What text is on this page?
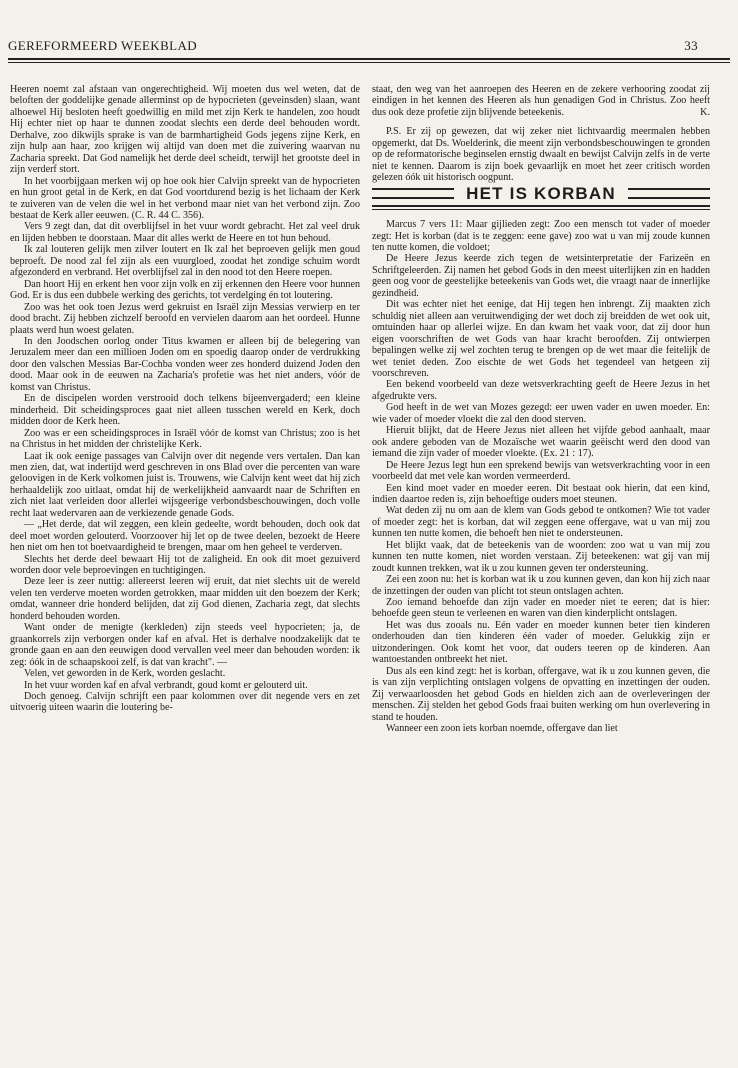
GEREFORMEERD WEEKBLAD	33

Heeren noemt zal afstaan van ongerechtigheid. Wij moeten dus wel weten, dat de beloften der goddelijke genade allerminst op de hypocrieten (geveinsden) slaan, want alhoewel Hij besloten heeft goedwillig en mild met zijn Kerk te handelen, zoo houdt Hij echter niet op haar te dunnen zoodat slechts een derde deel behouden wordt. Derhalve, zoo dikwijls sprake is van de barmhartigheid Gods jegens zijne Kerk, en zijn hulp aan haar, zoo krijgen wij altijd van doen met die zuivering waarvan nu Zacharia spreekt. Dat God namelijk het derde deel scheidt, terwijl het grootste deel in zijn verderf stort.

In het voorbijgaan merken wij op hoe ook hier Calvijn spreekt van de hypocrieten en hun groot getal in de Kerk, en dat God voortdurend bezig is het lichaam der Kerk te zuiveren van de velen die wel in het verbond maar niet van het verbond zijn. Zoo bestaat de Kerk aller eeuwen. (C. R. 44 C. 356).

Vers 9 zegt dan, dat dit overblijfsel in het vuur wordt gebracht. Het zal veel druk en lijden hebben te doorstaan. Maar dit alles werkt de Heere en tot hun behoud.

Ik zal louteren gelijk men zilver loutert en Ik zal het beproeven gelijk men goud beproeft. De nood zal fel zijn als een vuurgloed, zoodat het zondige schuim wordt afgezonderd en verbrand. Het overblijfsel zal in den nood tot den Heere roepen.

Dan hoort Hij en erkent hen voor zijn volk en zij erkennen den Heere voor hunnen God. Er is dus een dubbele werking des gerichts, tot verdelging én tot loutering.

Zoo was het ook toen Jezus werd gekruist en Israël zijn Messias verwierp en ter dood bracht. Zij hebben zichzelf beroofd en vervielen daarom aan het oordeel. Hunne plaats werd hun woest gelaten.

In den Joodschen oorlog onder Titus kwamen er alleen bij de belegering van Jeruzalem meer dan een millioen Joden om en spoedig daarop onder de verdrukking door den valschen Messias Bar-Cochba vonden weer zes honderd duizend Joden den dood. Maar ook in de eeuwen na Zacharia's profetie was het niet anders, vóór de komst van Christus.

En de discipelen worden verstrooid doch telkens bijeenvergaderd; een kleine minderheid. Dit scheidingsproces gaat niet alleen tusschen wereld en Kerk, doch midden door de Kerk heen.

Zoo was er een scheidingsproces in Israël vóór de komst van Christus; zoo is het na Christus in het midden der christelijke Kerk.

Laat ik ook eenige passages van Calvijn over dit negende vers vertalen. Dan kan men zien, dat, wat indertijd werd geschreven in ons Blad over die percenten van ware geloovigen in de Kerk volkomen juist is. Trouwens, wie Calvijn kent weet dat hij zich herhaaldelijk zoo uitlaat, omdat hij de werkelijkheid aanvaardt naar de Schriften en zich niet laat verleiden door allerlei wijsgeerige verbondsbeschouwingen, doch volle recht laat wedervaren aan de verkiezende genade Gods.

— „Het derde, dat wil zeggen, een klein gedeelte, wordt behouden, doch ook dat deel moet worden gelouterd. Voorzoover hij let op de twee deelen, bezoekt de Heere hen niet om hen tot boetvaardigheid te brengen, maar om hen geheel te verderven.

Slechts het derde deel bewaart Hij tot de zaligheid. En ook dit moet gezuiverd worden door vele beproevingen en tuchtigingen.

Deze leer is zeer nuttig: allereerst leeren wij eruit, dat niet slechts uit de wereld velen ten verderve moeten worden getrokken, maar midden uit den boezem der Kerk; omdat, wanneer drie honderd belijden, dat zij God dienen, Zacharia zegt, dat slechts honderd behouden worden.

Want onder de menigte (kerkleden) zijn steeds veel hypocrieten; ja, de graankorrels zijn verborgen onder kaf en afval. Het is derhalve noodzakelijk dat te gronde gaan en aan den eeuwigen dood vervallen veel meer dan behouden worden: ik zeg: óók in de schaapskooi zelf, is dat van kracht". —

Velen, vet geworden in de Kerk, worden geslacht.

In het vuur worden kaf en afval verbrandt, goud komt er gelouterd uit.

Doch genoeg. Calvijn schrijft een paar kolommen over dit negende vers en zet uitvoerig uiteen waarin die loutering be-

staat, den weg van het aanroepen des Heeren en de zekere verhooring zoodat zij eindigen in het kennen des Heeren als hun genadigen God in Christus. Zoo heeft dus ook deze profetie zijn blijvende beteekenis.	K.

P.S. Er zij op gewezen, dat wij zeker niet lichtvaardig meermalen hebben opgemerkt, dat Ds. Woelderink, die meent zijn verbondsbeschouwingen te gronden op de reformatorische beginselen ernstig dwaalt en bewijst Calvijn zelfs in de verte niet te kennen. Daarom is zijn boek gevaarlijk en moet het zeer critisch worden gelezen óók uit historisch oogpunt.

HET IS KORBAN

Marcus 7 vers 11: Maar gijlieden zegt: Zoo een mensch tot vader of moeder zegt: Het is korban (dat is te zeggen: eene gave) zoo wat u van mij zoude kunnen ten nutte komen, die voldoet;

De Heere Jezus keerde zich tegen de wetsinterpretatie der Farizeën en Schriftgeleerden. Zij namen het gebod Gods in den meest uiterlijken zin en hadden geen oog voor de geestelijke beteekenis van Gods wet, die vraagt naar de innerlijke gezindheid.

Dit was echter niet het eenige, dat Hij tegen hen inbrengt. Zij maakten zich schuldig niet alleen aan veruitwendiging der wet doch zij breidden de wet ook uit, omtuinden haar op allerlei wijze. En dan kwam het vaak voor, dat zij door hun eigen voorschriften de wet Gods van haar kracht beroofden. Zij ontwierpen bepalingen welke zij wel zochten terug te brengen op de wet maar die feitelijk de wet teniet deden. Zoo eischte de wet Gods het tegendeel van hetgeen zij voorschreven.

Een bekend voorbeeld van deze wetsverkrachting geeft de Heere Jezus in het afgedrukte vers.

God heeft in de wet van Mozes gezegd: eer uwen vader en uwen moeder. En: wie vader of moeder vloekt die zal den dood sterven.

Hieruit blijkt, dat de Heere Jezus niet alleen het vijfde gebod aanhaalt, maar ook andere geboden van de Mozaïsche wet waarin geëischt werd den dood van iemand die zijn vader of moeder vloekte. (Ex. 21 : 17).

De Heere Jezus legt hun een sprekend bewijs van wetsverkrachting voor in een voorbeeld dat met vele kan worden vermeerderd.

Een kind moet vader en moeder eeren. Dit bestaat ook hierin, dat een kind, indien daartoe reden is, zijn behoeftige ouders moet steunen.

Wat deden zij nu om aan de klem van Gods gebod te ontkomen? Wie tot vader of moeder zegt: het is korban, dat wil zeggen eene offergave, wat u van mij zou kunnen ten nutte komen, die behoeft hen niet te ondersteunen.

Het blijkt vaak, dat de beteekenis van de woorden: zoo wat u van mij zou kunnen ten nutte komen, niet worden verstaan. Zij beteekenen: wat gij van mij zoudt kunnen trekken, wat ik u zou kunnen geven ter ondersteuning.

Zei een zoon nu: het is korban wat ik u zou kunnen geven, dan kon hij zich naar de inzettingen der ouden van plicht tot steun ontslagen achten.

Zoo iemand behoefde dan zijn vader en moeder niet te eeren; dat is hier: behoefde geen steun te verleenen en waren van dien kinderplicht ontslagen.

Het was dus zooals nu. Eén vader en moeder kunnen beter tien kinderen onderhouden dan tien kinderen één vader of moeder. Gelukkig zijn er uitzonderingen. Ook komt het voor, dat ouders teeren op de kinderen. Aan wantoestanden ontbreekt het niet.

Dus als een kind zegt: het is korban, offergave, wat ik u zou kunnen geven, die is van zijn verplichting ontslagen volgens de opvatting en inzettingen der ouden. Zij verwaarloosden het gebod Gods en hielden zich aan de overleveringen der menschen. Zij stelden het gebod Gods fraai buiten werking om hun overlevering in stand te houden.

Wanneer een zoon iets korban noemde, offergave dan liet
